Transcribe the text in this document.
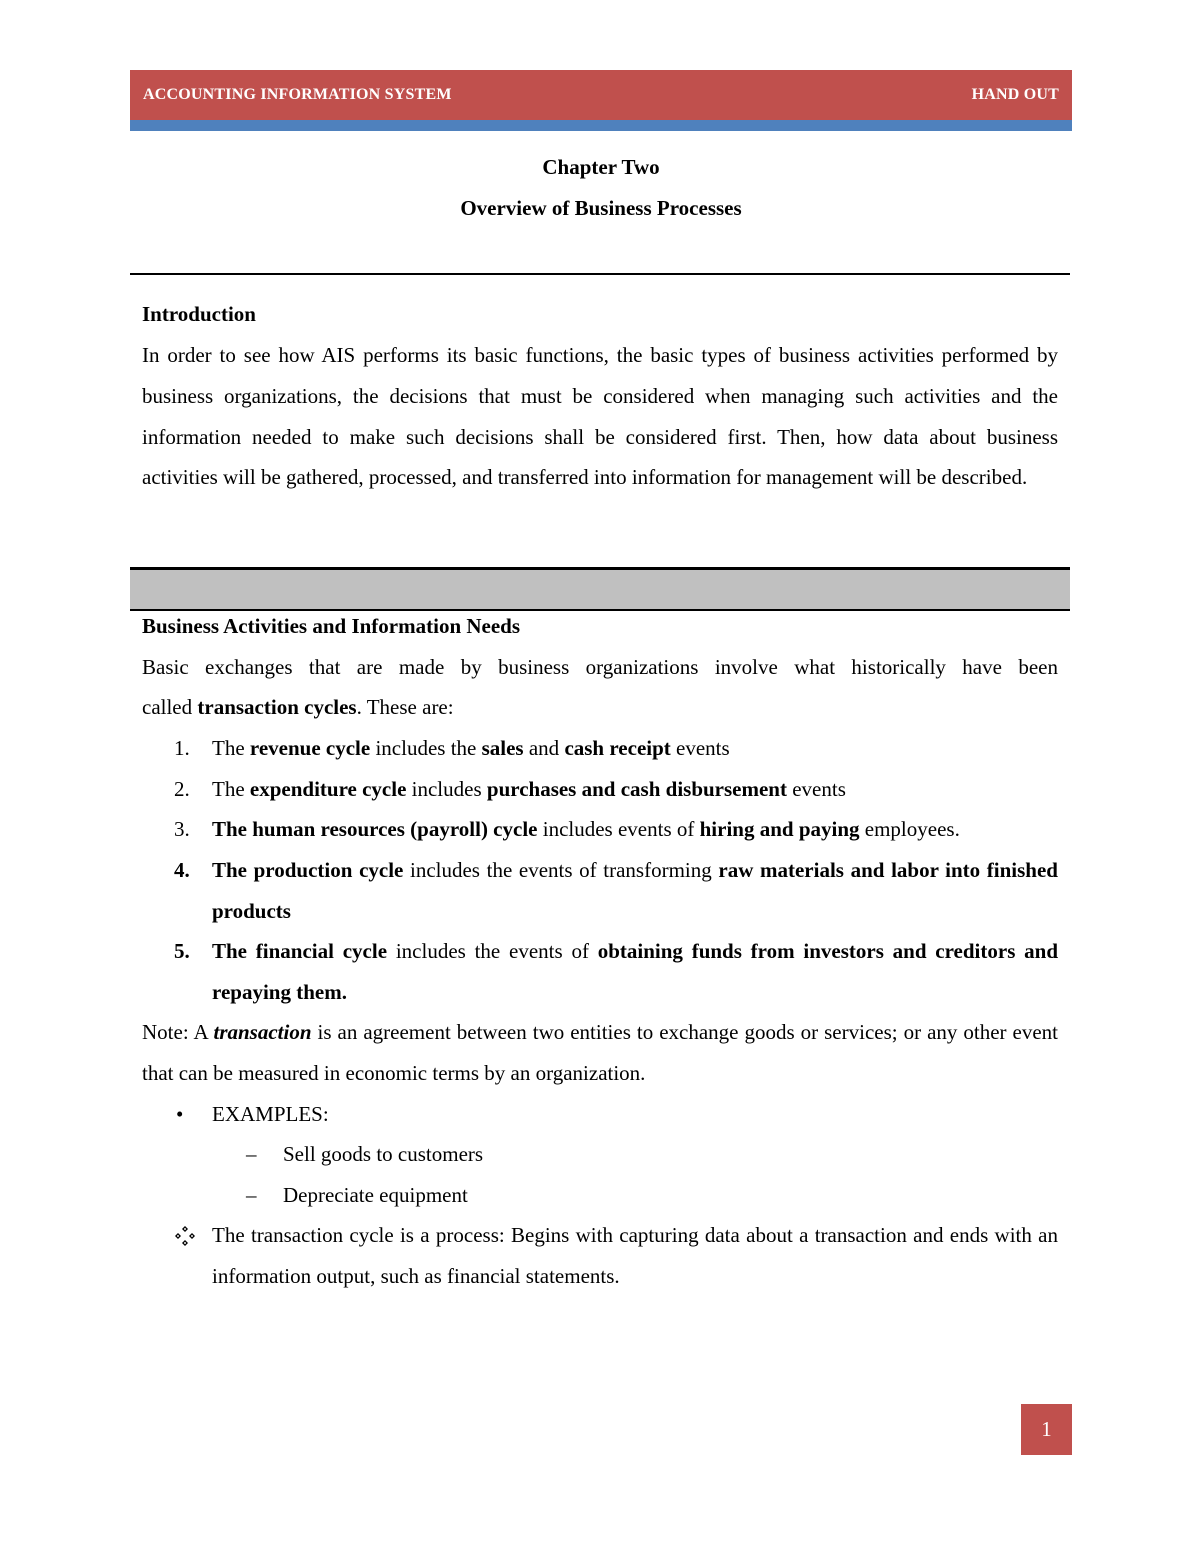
ACCOUNTING INFORMATION SYSTEM	HAND OUT
Chapter Two
Overview of Business Processes
Introduction
In order to see how AIS performs its basic functions, the basic types of business activities performed by business organizations, the decisions that must be considered when managing such activities and the information needed to make such decisions shall be considered first. Then, how data about business activities will be gathered, processed, and transferred into information for management will be described.
Business Activities and Information Needs
Basic exchanges that are made by business organizations involve what historically have been
called transaction cycles. These are:
1. The revenue cycle includes the sales and cash receipt events
2. The expenditure cycle includes purchases and cash disbursement events
3. The human resources (payroll) cycle includes events of hiring and paying employees.
4. The production cycle includes the events of transforming raw materials and labor into finished products
5. The financial cycle includes the events of obtaining funds from investors and creditors and repaying them.
Note: A transaction is an agreement between two entities to exchange goods or services; or any other event that can be measured in economic terms by an organization.
• EXAMPLES:
– Sell goods to customers
– Depreciate equipment
The transaction cycle is a process: Begins with capturing data about a transaction and ends with an information output, such as financial statements.
1
